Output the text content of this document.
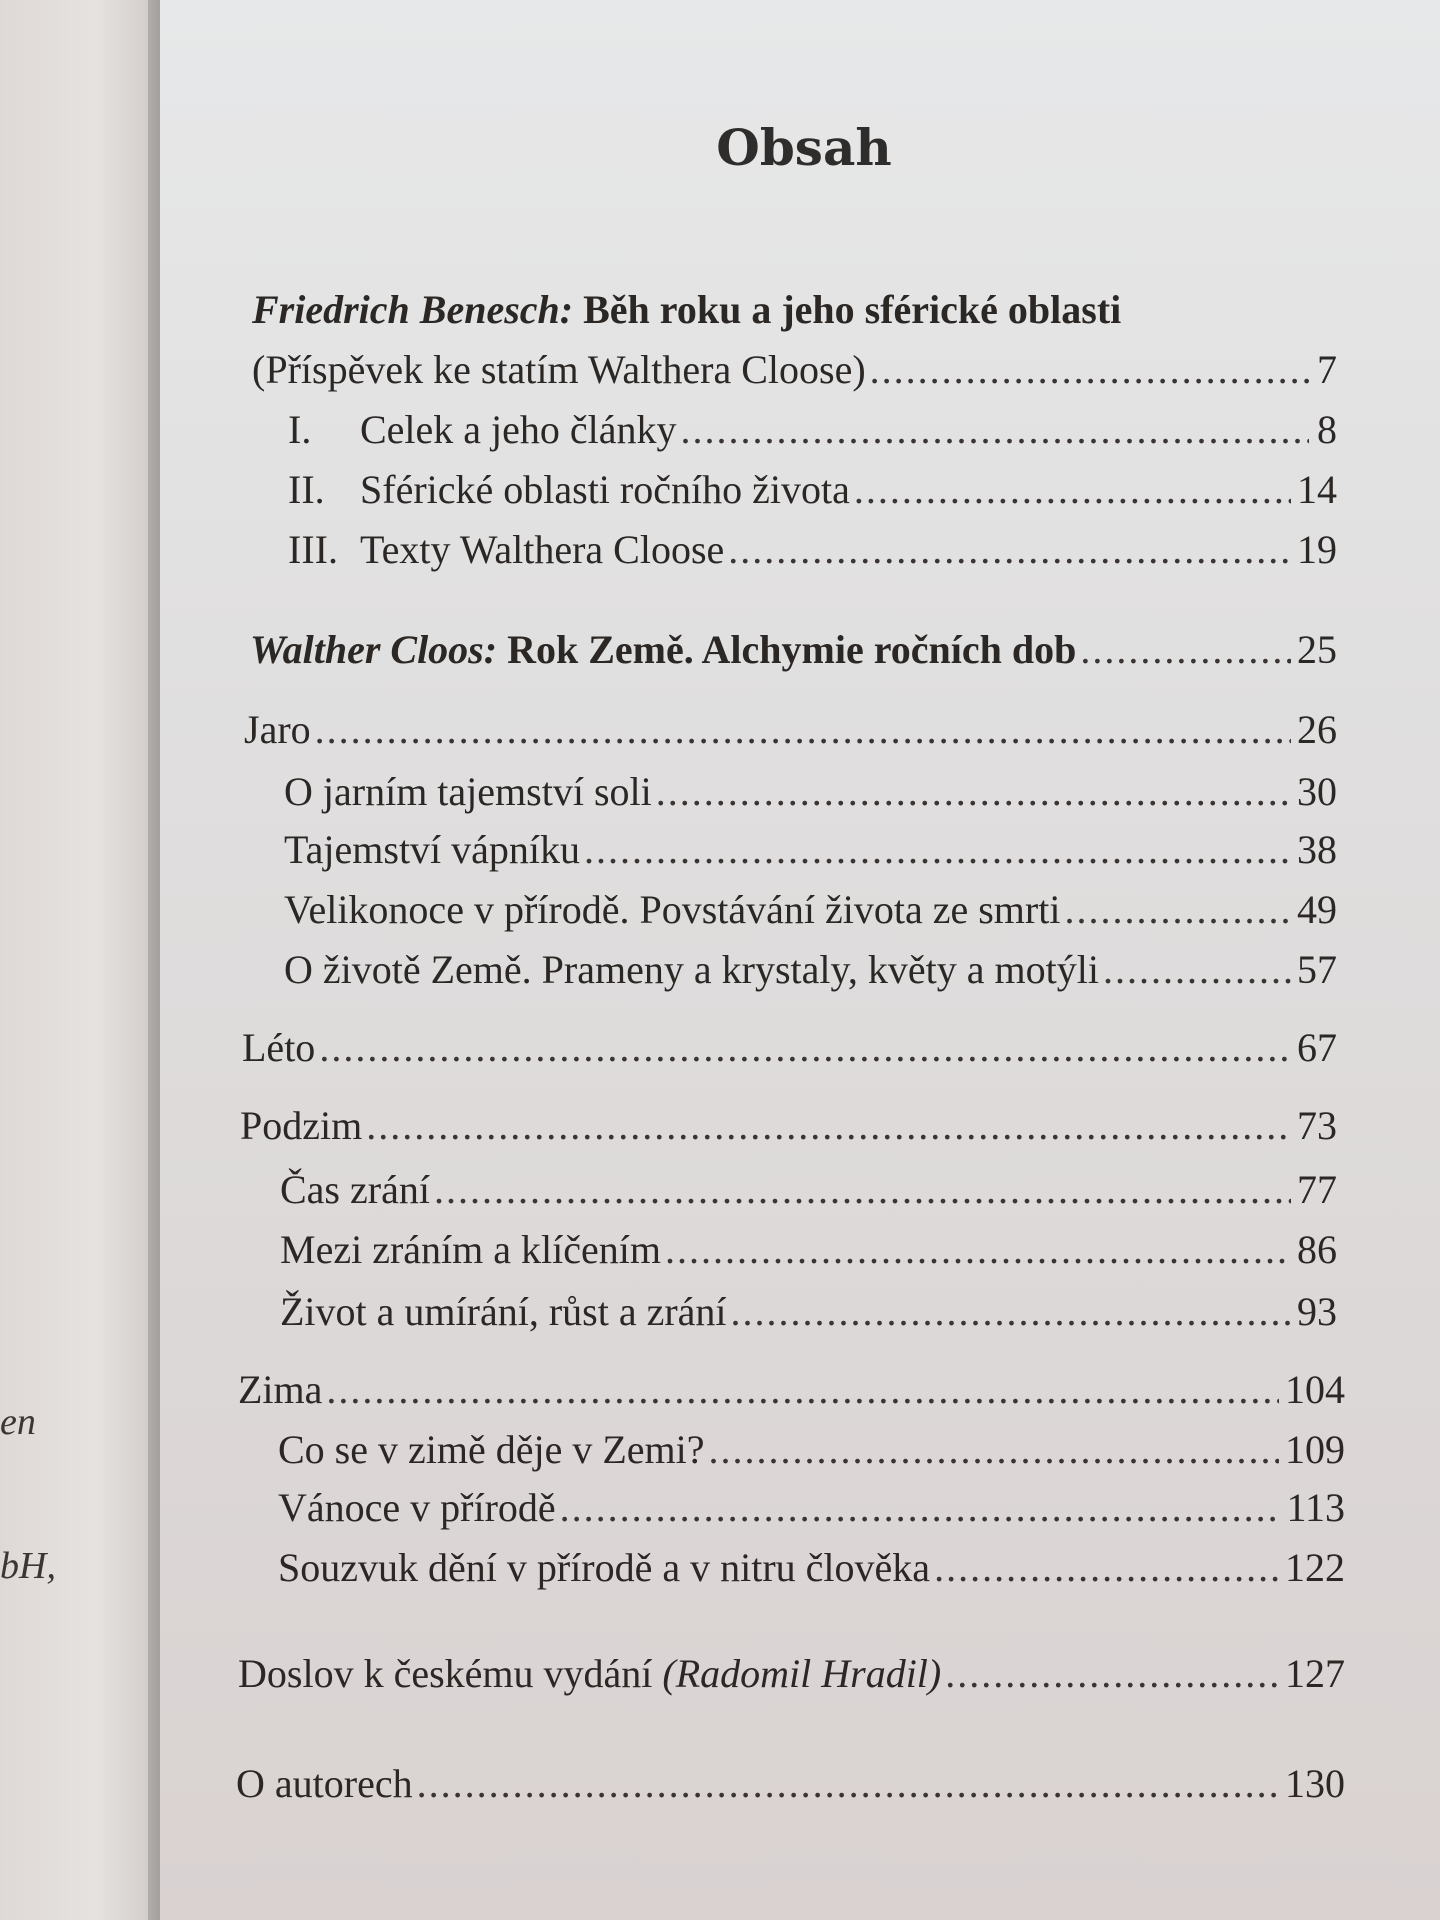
en
bH,
Obsah
Friedrich Benesch: Běh roku a jeho sférické oblasti
(Příspěvek ke statím Walthera Cloose) .....	7
I. Celek a jeho články .....	8
II. Sférické oblasti ročního života .....	14
III. Texty Walthera Cloose .....	19
Walther Cloos: Rok Země. Alchymie ročních dob .....	25
Jaro .....	26
O jarním tajemství soli .....	30
Tajemství vápníku .....	38
Velikonoce v přírodě. Povstávání života ze smrti .....	49
O životě Země. Prameny a krystaly, květy a motýli .....	57
Léto .....	67
Podzim .....	73
Čas zrání .....	77
Mezi zráním a klíčením .....	86
Život a umírání, růst a zrání .....	93
Zima .....	104
Co se v zimě děje v Zemi? .....	109
Vánoce v přírodě .....	113
Souzvuk dění v přírodě a v nitru člověka .....	122
Doslov k českému vydání (Radomil Hradil) .....	127
O autorech .....	130
